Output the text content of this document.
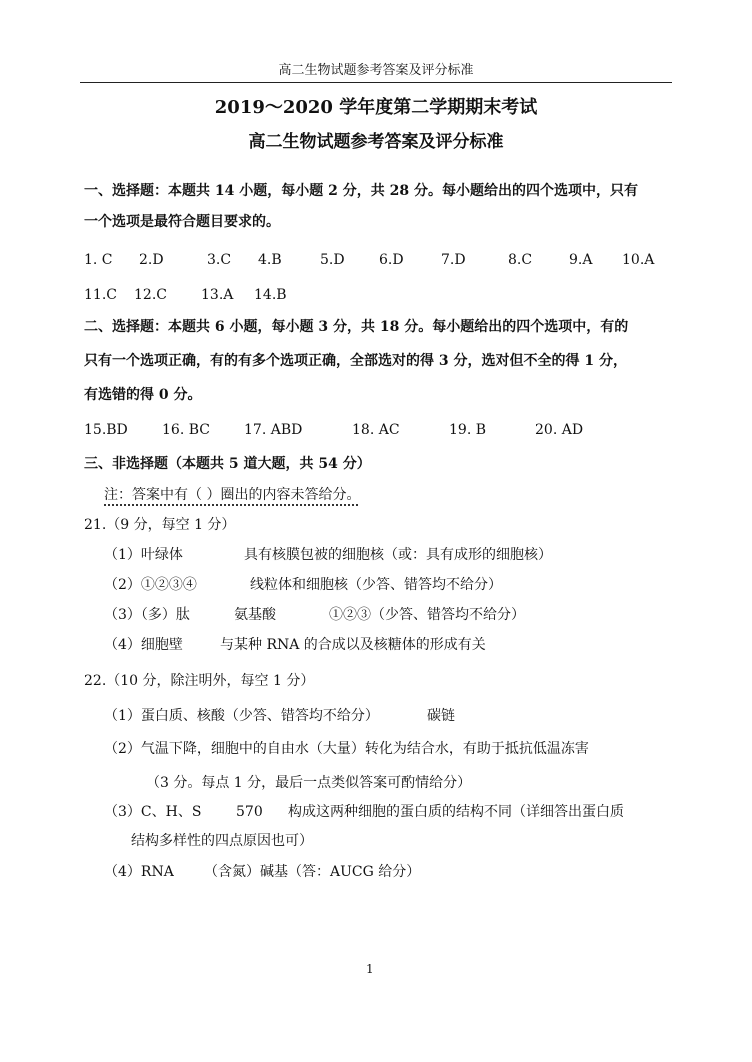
高二生物试题参考答案及评分标准
2019～2020 学年度第二学期期末考试
高二生物试题参考答案及评分标准
一、选择题：本题共 14 小题，每小题 2 分，共 28 分。每小题给出的四个选项中，只有
一个选项是最符合题目要求的。
1. C 2.D	3.C 4.B	5.D 6.D	7.D	8.C	9.A 10.A
11.C 12.C 13.A 14.B
二、选择题：本题共 6 小题，每小题 3 分，共 18 分。每小题给出的四个选项中，有的
只有一个选项正确，有的有多个选项正确，全部选对的得 3 分，选对但不全的得 1 分，
有选错的得 0 分。
15.BD 16. BC 17. ABD	18. AC	19. B	20. AD
三、非选择题（本题共 5 道大题，共 54 分）
注：答案中有（ ）圈出的内容未答给分。
21.（9 分，每空 1 分）
（1）叶绿体	具有核膜包被的细胞核（或：具有成形的细胞核）
（2）①②③④	线粒体和细胞核（少答、错答均不给分）
（3）（多）肽	氨基酸	①②③（少答、错答均不给分）
（4）细胞壁	与某种 RNA 的合成以及核糖体的形成有关
22.（10 分，除注明外，每空 1 分）
（1）蛋白质、核酸（少答、错答均不给分）	碳链
（2）气温下降，细胞中的自由水（大量）转化为结合水，有助于抵抗低温冻害
（3 分。每点 1 分，最后一点类似答案可酌情给分）
（3）C、H、S 570 构成这两种细胞的蛋白质的结构不同（详细答出蛋白质
结构多样性的四点原因也可）
（4）RNA （含氮）碱基（答：AUCG 给分）
1
